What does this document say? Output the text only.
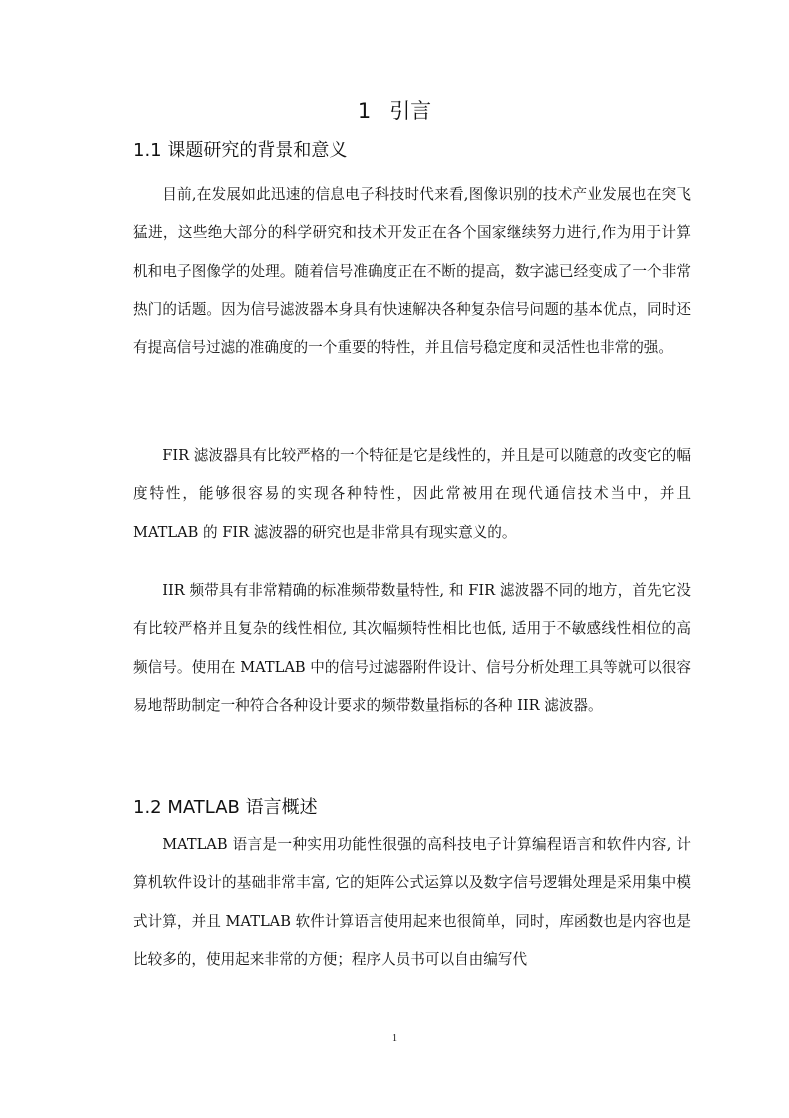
1 引言
1.1 课题研究的背景和意义

目前,在发展如此迅速的信息电子科技时代来看,图像识别的技术产业发展也在突飞猛进，这些绝大部分的科学研究和技术开发正在各个国家继续努力进行,作为用于计算机和电子图像学的处理。随着信号准确度正在不断的提高，数字滤已经变成了一个非常热门的话题。因为信号滤波器本身具有快速解决各种复杂信号问题的基本优点，同时还有提高信号过滤的准确度的一个重要的特性，并且信号稳定度和灵活性也非常的强。

FIR 滤波器具有比较严格的一个特征是它是线性的，并且是可以随意的改变它的幅度特性，能够很容易的实现各种特性，因此常被用在现代通信技术当中，并且 MATLAB 的 FIR 滤波器的研究也是非常具有现实意义的。

IIR 频带具有非常精确的标准频带数量特性, 和 FIR 滤波器不同的地方，首先它没有比较严格并且复杂的线性相位, 其次幅频特性相比也低, 适用于不敏感线性相位的高频信号。使用在 MATLAB 中的信号过滤器附件设计、信号分析处理工具等就可以很容易地帮助制定一种符合各种设计要求的频带数量指标的各种 IIR 滤波器。

1.2 MATLAB 语言概述

MATLAB 语言是一种实用功能性很强的高科技电子计算编程语言和软件内容, 计算机软件设计的基础非常丰富, 它的矩阵公式运算以及数字信号逻辑处理是采用集中模式计算，并且 MATLAB 软件计算语言使用起来也很简单，同时，库函数也是内容也是比较多的，使用起来非常的方便；程序人员书可以自由编写代

1
